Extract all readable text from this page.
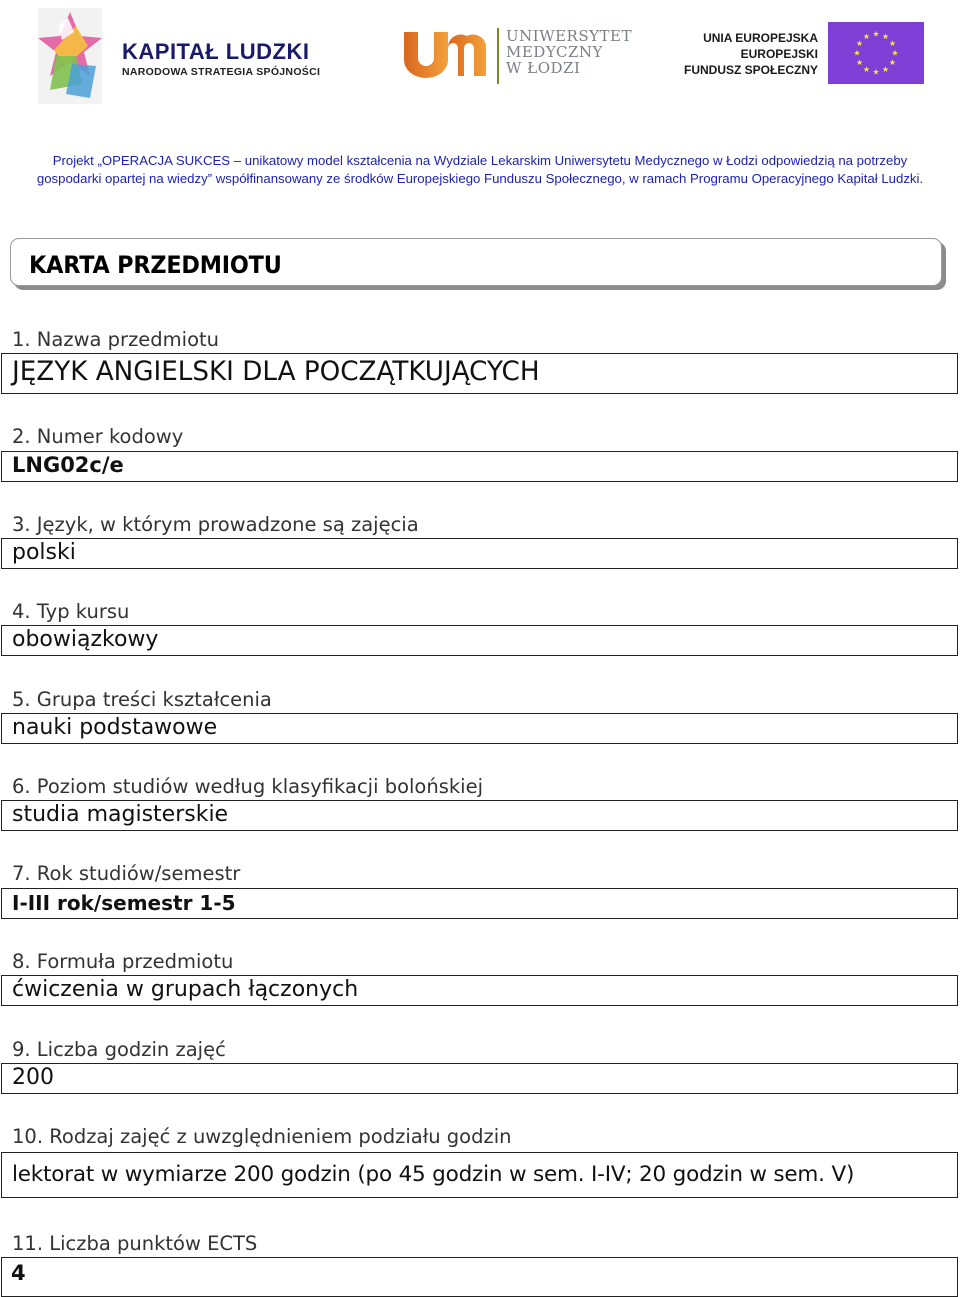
KAPITAŁ LUDZKI
NARODOWA STRATEGIA SPÓJNOŚCI
UNIWERSYTET
MEDYCZNY
W ŁODZI
UNIA EUROPEJSKA
EUROPEJSKI
FUNDUSZ SPOŁECZNY
Projekt „OPERACJA SUKCES – unikatowy model kształcenia na Wydziale Lekarskim Uniwersytetu Medycznego w Łodzi odpowiedzią na potrzeby gospodarki opartej na wiedzy” współfinansowany ze środków Europejskiego Funduszu Społecznego, w ramach Programu Operacyjnego Kapitał Ludzki.
KARTA PRZEDMIOTU
1. Nazwa przedmiotu
JĘZYK ANGIELSKI DLA POCZĄTKUJĄCYCH
2. Numer kodowy
LNG02c/e
3. Język, w którym prowadzone są zajęcia
polski
4. Typ kursu
obowiązkowy
5. Grupa treści kształcenia
nauki podstawowe
6. Poziom studiów według klasyfikacji bolońskiej
studia magisterskie
7. Rok studiów/semestr
I-III rok/semestr 1-5
8. Formuła przedmiotu
ćwiczenia w grupach łączonych
9. Liczba godzin zajęć
200
10. Rodzaj zajęć z uwzględnieniem podziału godzin
lektorat w wymiarze 200 godzin (po 45 godzin w sem. I-IV; 20 godzin w sem. V)
11. Liczba punktów ECTS
4
